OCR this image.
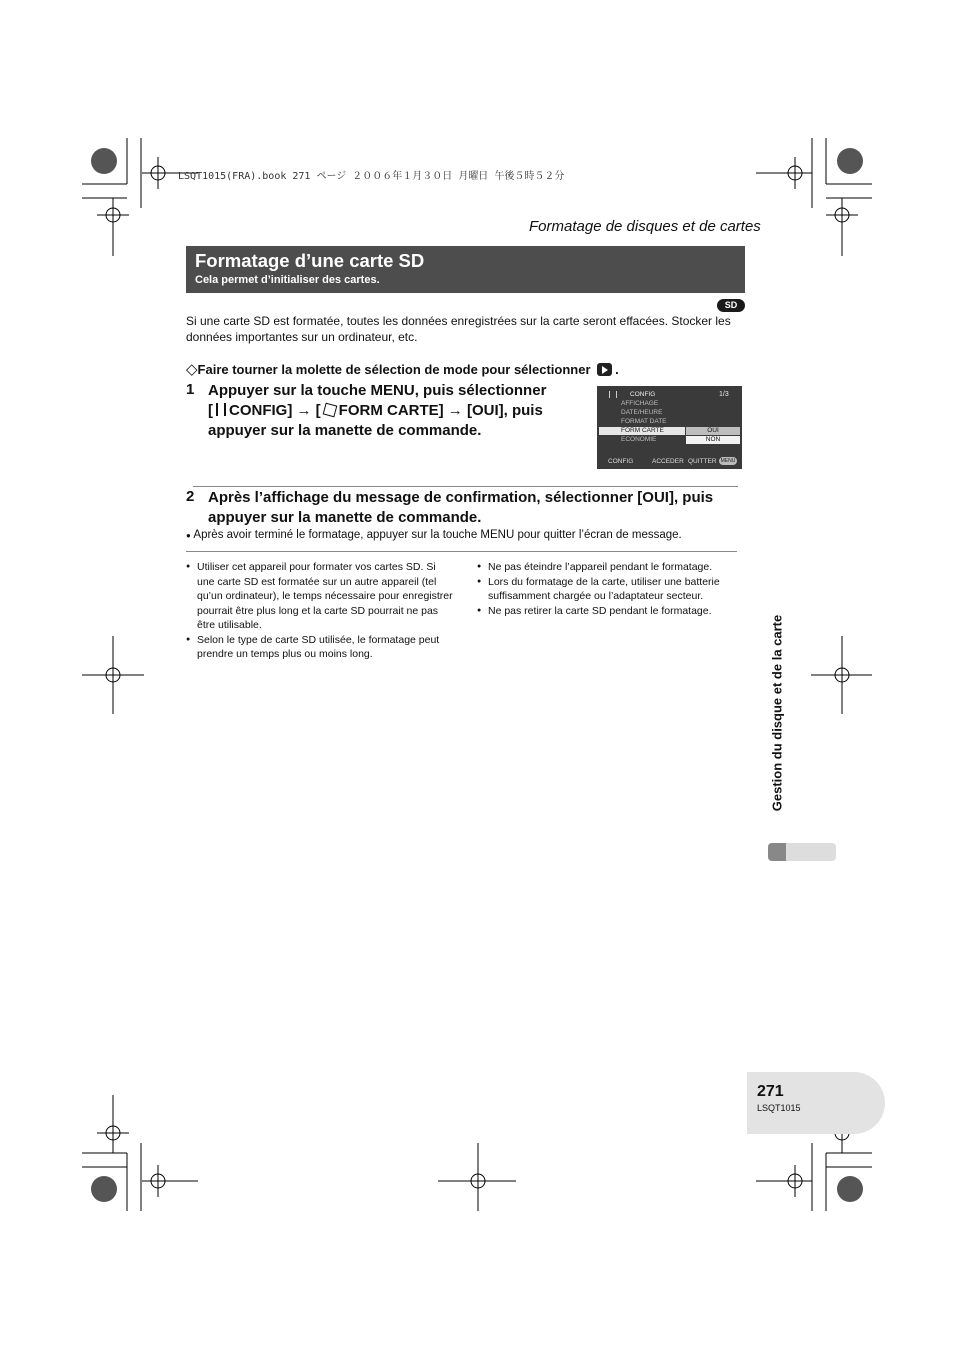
LSQT1015(FRA).book 271 ページ ２００６年１月３０日 月曜日 午後５時５２分
Formatage de disques et de cartes
Formatage d’une carte SD
Cela permet d’initialiser des cartes.
SD
Si une carte SD est formatée, toutes les données enregistrées sur la carte seront effacées. Stocker les données importantes sur un ordinateur, etc.
◇Faire tourner la molette de sélection de mode pour sélectionner .
1 Appuyer sur la touche MENU, puis sélectionner
[ CONFIG] → [ FORM CARTE] → [OUI], puis
appuyer sur la manette de commande.
CONFIG	1/3
AFFICHAGE
DATE/HEURE
FORMAT DATE
FORM CARTE
ECONOMIE
OUI
NON
CONFIG	ACCEDER QUITTER MENU
2 Après l’affichage du message de confirmation, sélectionner [OUI], puis
appuyer sur la manette de commande.
● Après avoir terminé le formatage, appuyer sur la touche MENU pour quitter l’écran de message.
● Utiliser cet appareil pour formater vos cartes SD. Si une carte SD est formatée sur un autre appareil (tel qu’un ordinateur), le temps nécessaire pour enregistrer pourrait être plus long et la carte SD pourrait ne pas être utilisable.
● Selon le type de carte SD utilisée, le formatage peut prendre un temps plus ou moins long.
● Ne pas éteindre l’appareil pendant le formatage.
● Lors du formatage de la carte, utiliser une batterie suffisamment chargée ou l’adaptateur secteur.
● Ne pas retirer la carte SD pendant le formatage.
Gestion du disque et de la carte
271
LSQT1015
